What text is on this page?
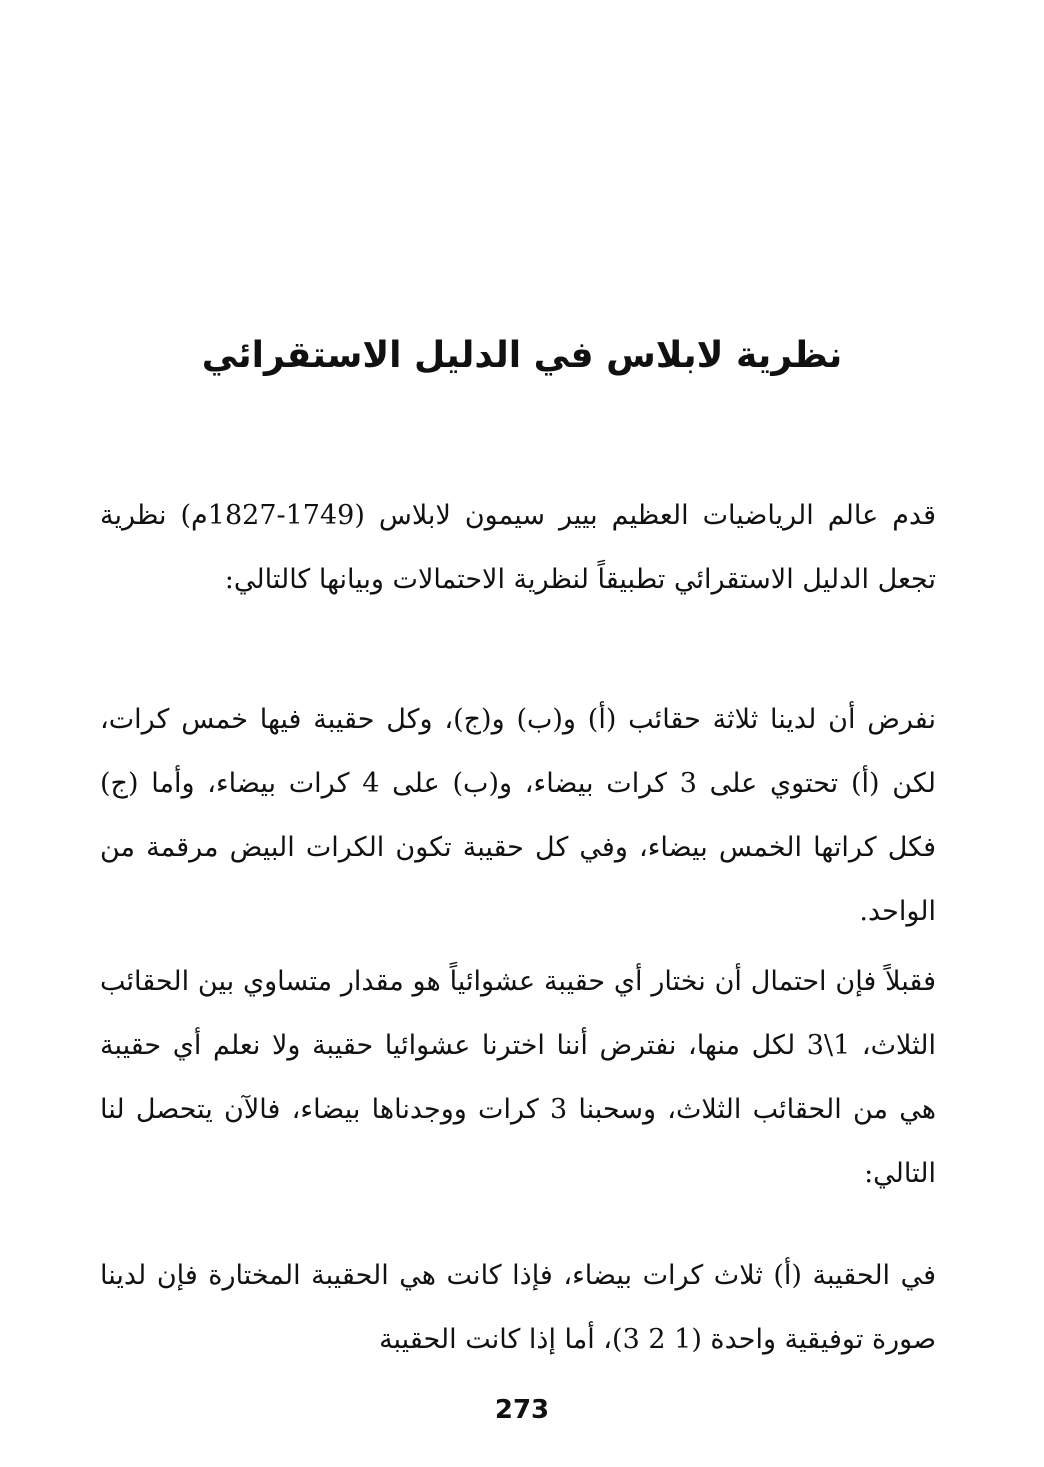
نظرية لابلاس في الدليل الاستقرائي

قدم عالم الرياضيات العظيم بيير سيمون لابلاس (1749-1827م) نظرية تجعل الدليل الاستقرائي تطبيقاً لنظرية الاحتمالات وبيانها كالتالي:

نفرض أن لدينا ثلاثة حقائب (أ) و(ب) و(ج)، وكل حقيبة فيها خمس كرات، لكن (أ) تحتوي على 3 كرات بيضاء، و(ب) على 4 كرات بيضاء، وأما (ج) فكل كراتها الخمس بيضاء، وفي كل حقيبة تكون الكرات البيض مرقمة من الواحد.

فقبلاً فإن احتمال أن نختار أي حقيبة عشوائياً هو مقدار متساوي بين الحقائب الثلاث، 1\3 لكل منها، نفترض أننا اخترنا عشوائيا حقيبة ولا نعلم أي حقيبة هي من الحقائب الثلاث، وسحبنا 3 كرات ووجدناها بيضاء، فالآن يتحصل لنا التالي:

في الحقيبة (أ) ثلاث كرات بيضاء، فإذا كانت هي الحقيبة المختارة فإن لدينا صورة توفيقية واحدة (1 2 3)، أما إذا كانت الحقيبة

273
